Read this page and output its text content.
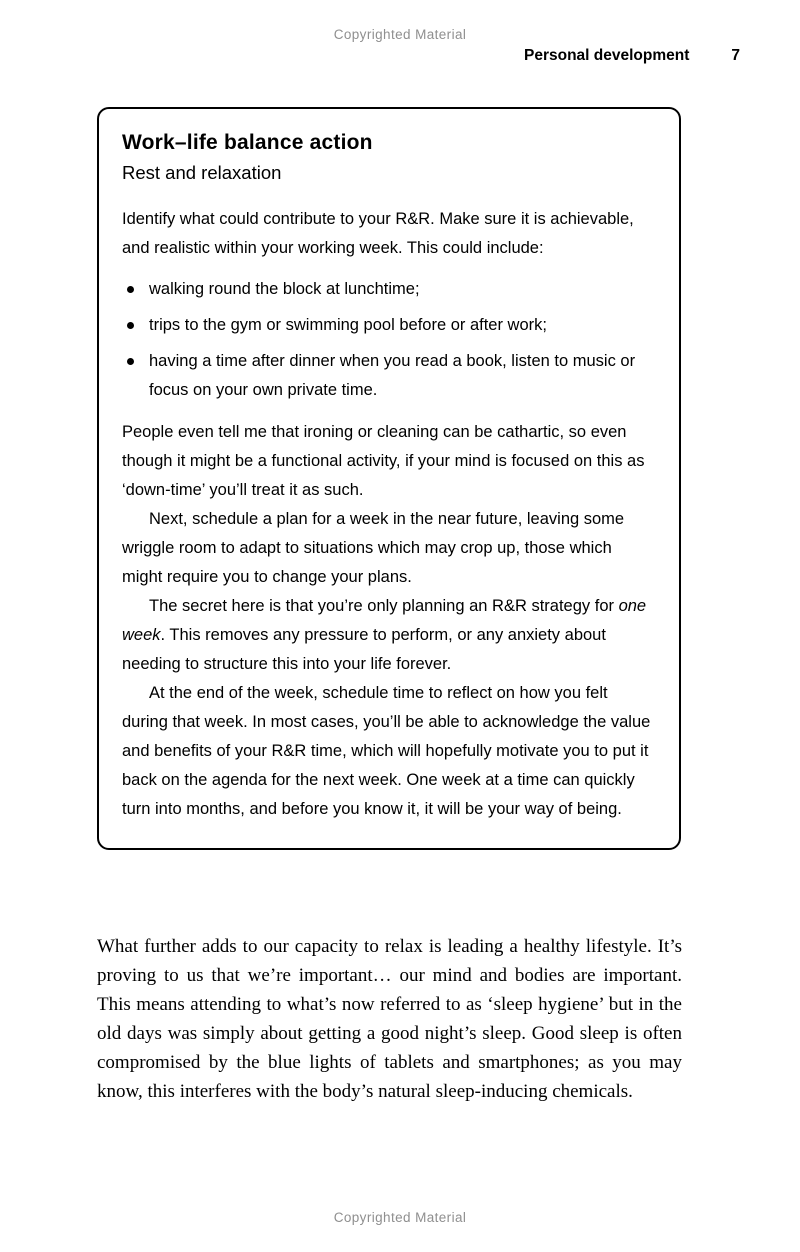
Copyrighted Material
Personal development	7
Work–life balance action
Rest and relaxation

Identify what could contribute to your R&R. Make sure it is achievable, and realistic within your working week. This could include:

walking round the block at lunchtime;
trips to the gym or swimming pool before or after work;
having a time after dinner when you read a book, listen to music or focus on your own private time.

People even tell me that ironing or cleaning can be cathartic, so even though it might be a functional activity, if your mind is focused on this as ‘down-time’ you’ll treat it as such.

Next, schedule a plan for a week in the near future, leaving some wriggle room to adapt to situations which may crop up, those which might require you to change your plans.

The secret here is that you’re only planning an R&R strategy for one week. This removes any pressure to perform, or any anxiety about needing to structure this into your life forever.

At the end of the week, schedule time to reflect on how you felt during that week. In most cases, you’ll be able to acknowledge the value and benefits of your R&R time, which will hopefully motivate you to put it back on the agenda for the next week. One week at a time can quickly turn into months, and before you know it, it will be your way of being.

What further adds to our capacity to relax is leading a healthy lifestyle. It’s proving to us that we’re important… our mind and bodies are important. This means attending to what’s now referred to as ‘sleep hygiene’ but in the old days was simply about getting a good night’s sleep. Good sleep is often compromised by the blue lights of tablets and smartphones; as you may know, this interferes with the body’s natural sleep-inducing chemicals.

Copyrighted Material
